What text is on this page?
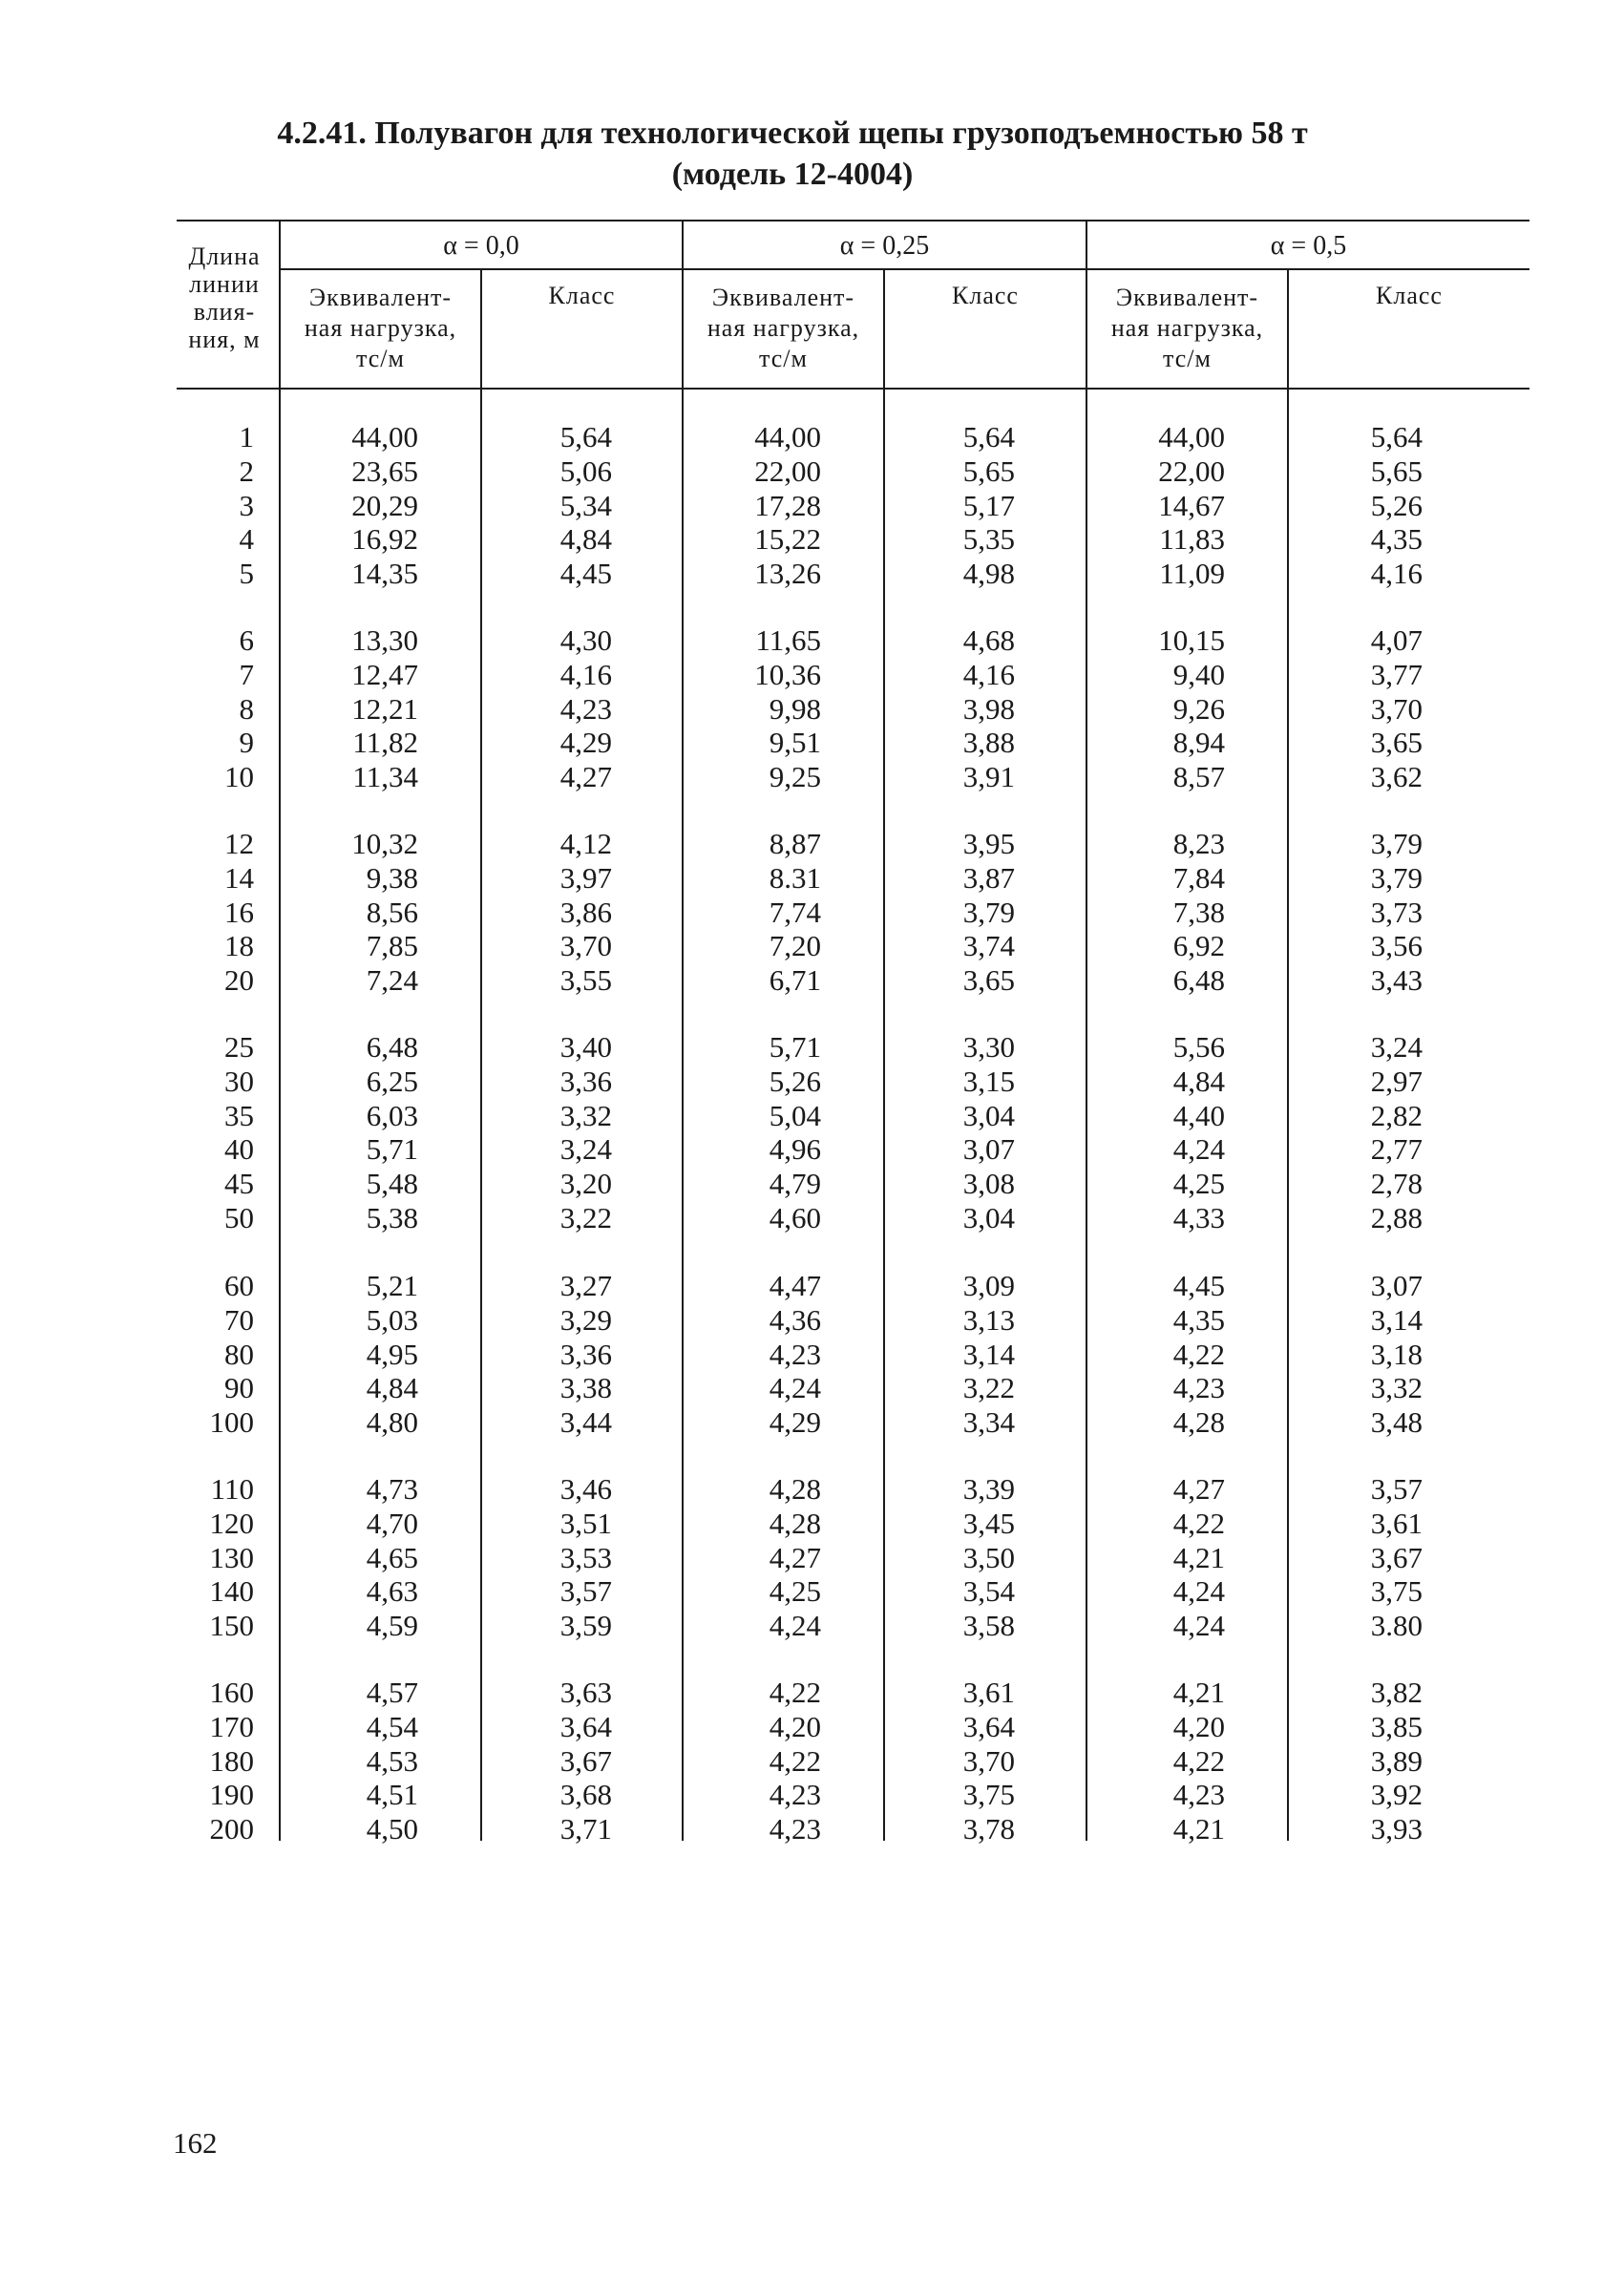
4.2.41. Полувагон для технологической щепы грузоподъемностью 58 т
(модель 12-4004)
Длина
линии
влия-
ния, м
α = 0,0	α = 0,25	α = 0,5
Эквивалент-
ная нагрузка,
тс/м
Класс	Эквивалент-
ная нагрузка,
тс/м
Класс	Эквивалент-
ная нагрузка,
тс/м
Класс
1	44,00	5,64	44,00	5,64	44,00	5,64
2	23,65	5,06	22,00	5,65	22,00	5,65
3	20,29	5,34	17,28	5,17	14,67	5,26
4	16,92	4,84	15,22	5,35	11,83	4,35
5	14,35	4,45	13,26	4,98	11,09	4,16
6	13,30	4,30	11,65	4,68	10,15	4,07
7	12,47	4,16	10,36	4,16	9,40	3,77
8	12,21	4,23	9,98	3,98	9,26	3,70
9	11,82	4,29	9,51	3,88	8,94	3,65
10	11,34	4,27	9,25	3,91	8,57	3,62
12	10,32	4,12	8,87	3,95	8,23	3,79
14	9,38	3,97	8.31	3,87	7,84	3,79
16	8,56	3,86	7,74	3,79	7,38	3,73
18	7,85	3,70	7,20	3,74	6,92	3,56
20	7,24	3,55	6,71	3,65	6,48	3,43
25	6,48	3,40	5,71	3,30	5,56	3,24
30	6,25	3,36	5,26	3,15	4,84	2,97
35	6,03	3,32	5,04	3,04	4,40	2,82
40	5,71	3,24	4,96	3,07	4,24	2,77
45	5,48	3,20	4,79	3,08	4,25	2,78
50	5,38	3,22	4,60	3,04	4,33	2,88
60	5,21	3,27	4,47	3,09	4,45	3,07
70	5,03	3,29	4,36	3,13	4,35	3,14
80	4,95	3,36	4,23	3,14	4,22	3,18
90	4,84	3,38	4,24	3,22	4,23	3,32
100	4,80	3,44	4,29	3,34	4,28	3,48
110	4,73	3,46	4,28	3,39	4,27	3,57
120	4,70	3,51	4,28	3,45	4,22	3,61
130	4,65	3,53	4,27	3,50	4,21	3,67
140	4,63	3,57	4,25	3,54	4,24	3,75
150	4,59	3,59	4,24	3,58	4,24	3.80
160	4,57	3,63	4,22	3,61	4,21	3,82
170	4,54	3,64	4,20	3,64	4,20	3,85
180	4,53	3,67	4,22	3,70	4,22	3,89
190	4,51	3,68	4,23	3,75	4,23	3,92
200	4,50	3,71	4,23	3,78	4,21	3,93
162
